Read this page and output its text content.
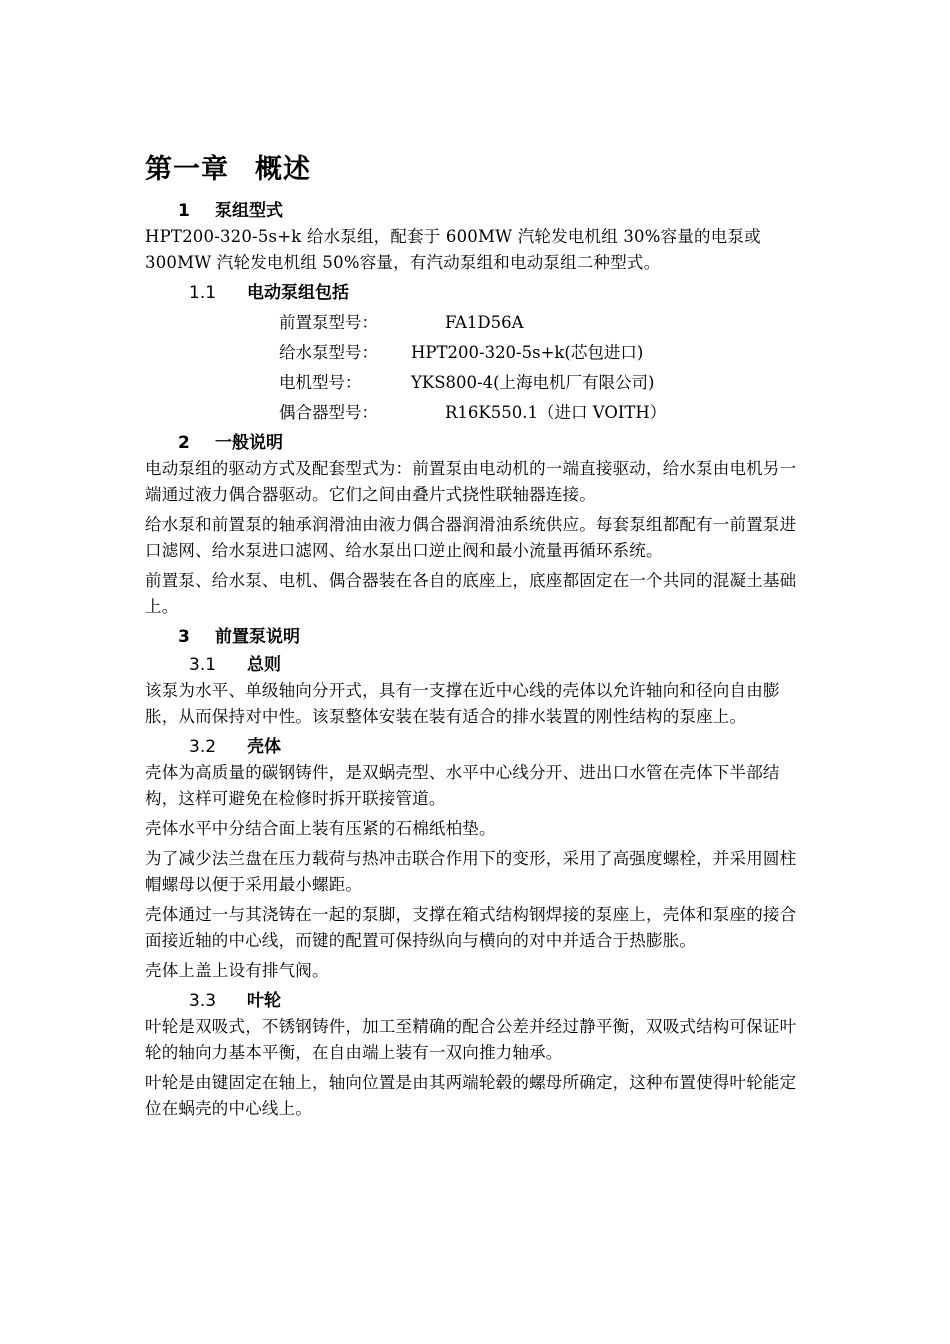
第一章 概述
1 泵组型式

HPT200-320-5s+k 给水泵组，配套于 600MW 汽轮发电机组 30%容量的电泵或 300MW 汽轮发电机组 50%容量，有汽动泵组和电动泵组二种型式。

1.1 电动泵组包括
前置泵型号：	FA1D56A
给水泵型号： HPT200-320-5s+k(芯包进口)
电机型号：	YKS800-4(上海电机厂有限公司)
偶合器型号：	R16K550.1（进口 VOITH）
2 一般说明

电动泵组的驱动方式及配套型式为：前置泵由电动机的一端直接驱动，给水泵由电机另一端通过液力偶合器驱动。它们之间由叠片式挠性联轴器连接。

给水泵和前置泵的轴承润滑油由液力偶合器润滑油系统供应。每套泵组都配有一前置泵进口滤网、给水泵进口滤网、给水泵出口逆止阀和最小流量再循环系统。

前置泵、给水泵、电机、偶合器装在各自的底座上，底座都固定在一个共同的混凝土基础上。

3 前置泵说明
3.1 总则

该泵为水平、单级轴向分开式，具有一支撑在近中心线的壳体以允许轴向和径向自由膨胀，从而保持对中性。该泵整体安装在装有适合的排水装置的刚性结构的泵座上。

3.2 壳体

壳体为高质量的碳钢铸件，是双蜗壳型、水平中心线分开、进出口水管在壳体下半部结构，这样可避免在检修时拆开联接管道。

壳体水平中分结合面上装有压紧的石棉纸柏垫。

为了减少法兰盘在压力载荷与热冲击联合作用下的变形，采用了高强度螺栓，并采用圆柱帽螺母以便于采用最小螺距。

壳体通过一与其浇铸在一起的泵脚，支撑在箱式结构钢焊接的泵座上，壳体和泵座的接合面接近轴的中心线，而键的配置可保持纵向与横向的对中并适合于热膨胀。

壳体上盖上设有排气阀。

3.3 叶轮

叶轮是双吸式，不锈钢铸件，加工至精确的配合公差并经过静平衡，双吸式结构可保证叶轮的轴向力基本平衡，在自由端上装有一双向推力轴承。

叶轮是由键固定在轴上，轴向位置是由其两端轮毂的螺母所确定，这种布置使得叶轮能定位在蜗壳的中心线上。
